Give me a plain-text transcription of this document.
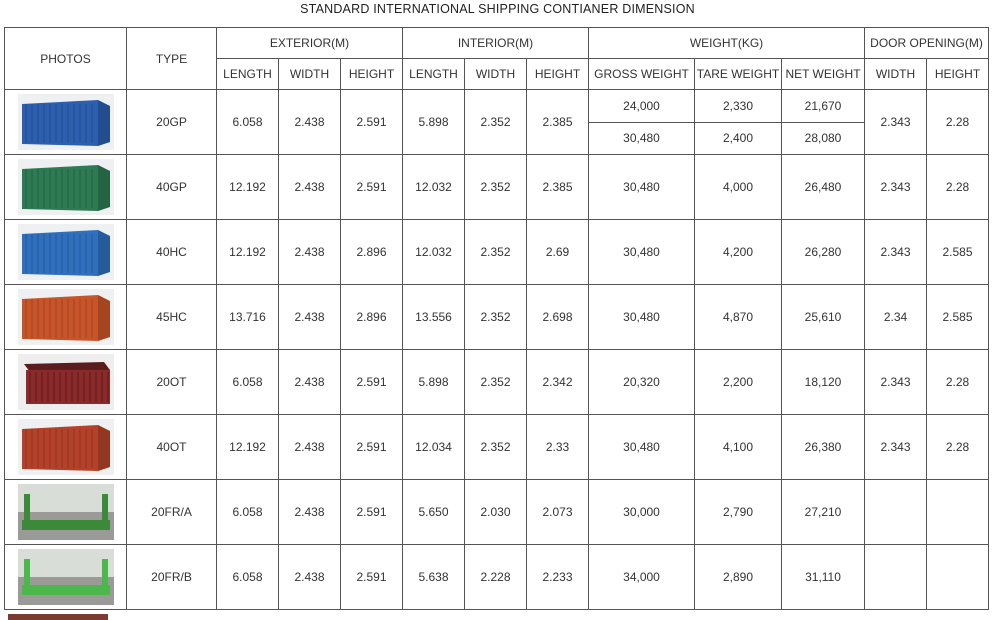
STANDARD INTERNATIONAL SHIPPING CONTIANER DIMENSION
PHOTOS	TYPE	EXTERIOR(M)			INTERIOR(M)			WEIGHT(KG)			DOOR OPENING(M)	
		LENGTH	WIDTH	HEIGHT	LENGTH	WIDTH	HEIGHT	GROSS WEIGHT	TARE WEIGHT	NET WEIGHT	WIDTH	HEIGHT

	20GP	6.058	2.438	2.591	5.898	2.352	2.385	24,000	2,330	21,670	2.343	2.28
								30,480	2,400	28,080		

	40GP	12.192	2.438	2.591	12.032	2.352	2.385	30,480	4,000	26,480	2.343	2.28

	40HC	12.192	2.438	2.896	12.032	2.352	2.69	30,480	4,200	26,280	2.343	2.585

	45HC	13.716	2.438	2.896	13.556	2.352	2.698	30,480	4,870	25,610	2.34	2.585

	20OT	6.058	2.438	2.591	5.898	2.352	2.342	20,320	2,200	18,120	2.343	2.28

	40OT	12.192	2.438	2.591	12.034	2.352	2.33	30,480	4,100	26,380	2.343	2.28

	20FR/A	6.058	2.438	2.591	5.650	2.030	2.073	30,000	2,790	27,210		

	20FR/B	6.058	2.438	2.591	5.638	2.228	2.233	34,000	2,890	31,110		
